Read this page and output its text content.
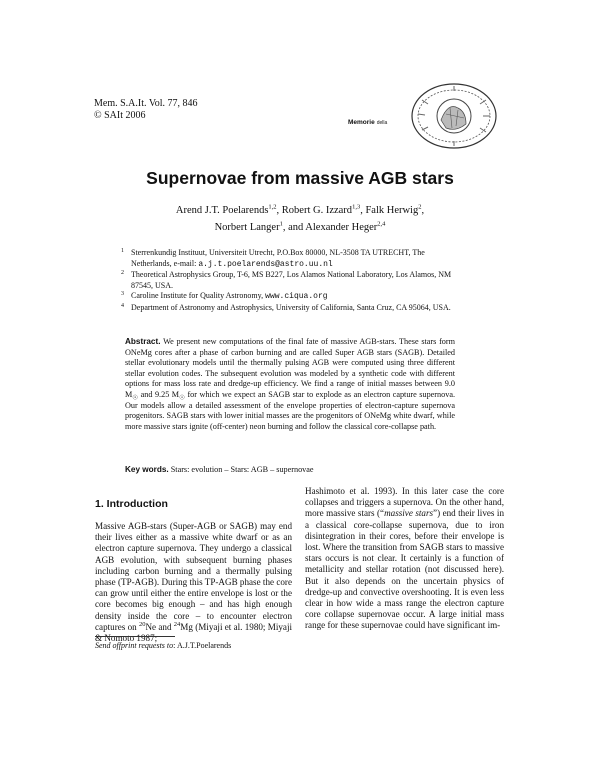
Mem. S.A.It. Vol. 77, 846
© SAIt 2006
Memorie della
Supernovae from massive AGB stars
Arend J.T. Poelarends$^{1,2}$, Robert G. Izzard$^{1,3}$, Falk Herwig$^2$,
Norbert Langer$^1$, and Alexander Heger$^{2,4}$

1 Sterrenkundig Instituut, Universiteit Utrecht, P.O.Box 80000, NL-3508 TA UTRECHT, The Netherlands, e-mail: a.j.t.poelarends@astro.uu.nl

2 Theoretical Astrophysics Group, T-6, MS B227, Los Alamos National Laboratory, Los Alamos, NM 87545, USA.

3 Caroline Institute for Quality Astronomy, www.ciqua.org

4 Department of Astronomy and Astrophysics, University of California, Santa Cruz, CA 95064, USA.

Abstract. We present new computations of the final fate of massive AGB-stars. These stars form ONeMg cores after a phase of carbon burning and are called Super AGB stars (SAGB). Detailed stellar evolutionary models until the thermally pulsing AGB were computed using three different stellar evolution codes. The subsequent evolution was modeled by a synthetic code with different options for mass loss rate and dredge-up efficiency. We find a range of initial masses between 9.0 $M_☉$ and 9.25 $M_☉$ for which we expect an SAGB star to explode as an electron capture supernova. Our models allow a detailed assessment of the envelope properties of electron-capture supernova progenitors. SAGB stars with lower initial masses are the progenitors of ONeMg white dwarf, while more massive stars ignite (off-center) neon burning and follow the classical core-collapse path.
Key words. Stars: evolution – Stars: AGB – supernovae
1. Introduction
Massive AGB-stars (Super-AGB or SAGB) may end their lives either as a massive white dwarf or as an electron capture supernova. They undergo a classical AGB evolution, with subsequent burning phases including carbon burning and a thermally pulsing phase (TP-AGB). During this TP-AGB phase the core can grow until either the entire envelope is lost or the core becomes big enough – and has high enough density inside the core – to encounter electron captures on $^{20}$Ne and $^{24}$Mg (Miyaji et al. 1980; Miyaji & Nomoto 1987;
Hashimoto et al. 1993). In this later case the core collapses and triggers a supernova. On the other hand, more massive stars (“massive stars”) end their lives in a classical core-collapse supernova, due to iron disintegration in their cores, before their envelope is lost. Where the transition from SAGB stars to massive stars occurs is not clear. It certainly is a function of metallicity and stellar rotation (not discussed here). But it also depends on the uncertain physics of dredge-up and convective overshooting. It is even less clear in how wide a mass range the electron capture core collapse supernovae occur. A large initial mass range for these supernovae could have significant im-
Send offprint requests to: A.J.T.Poelarends
